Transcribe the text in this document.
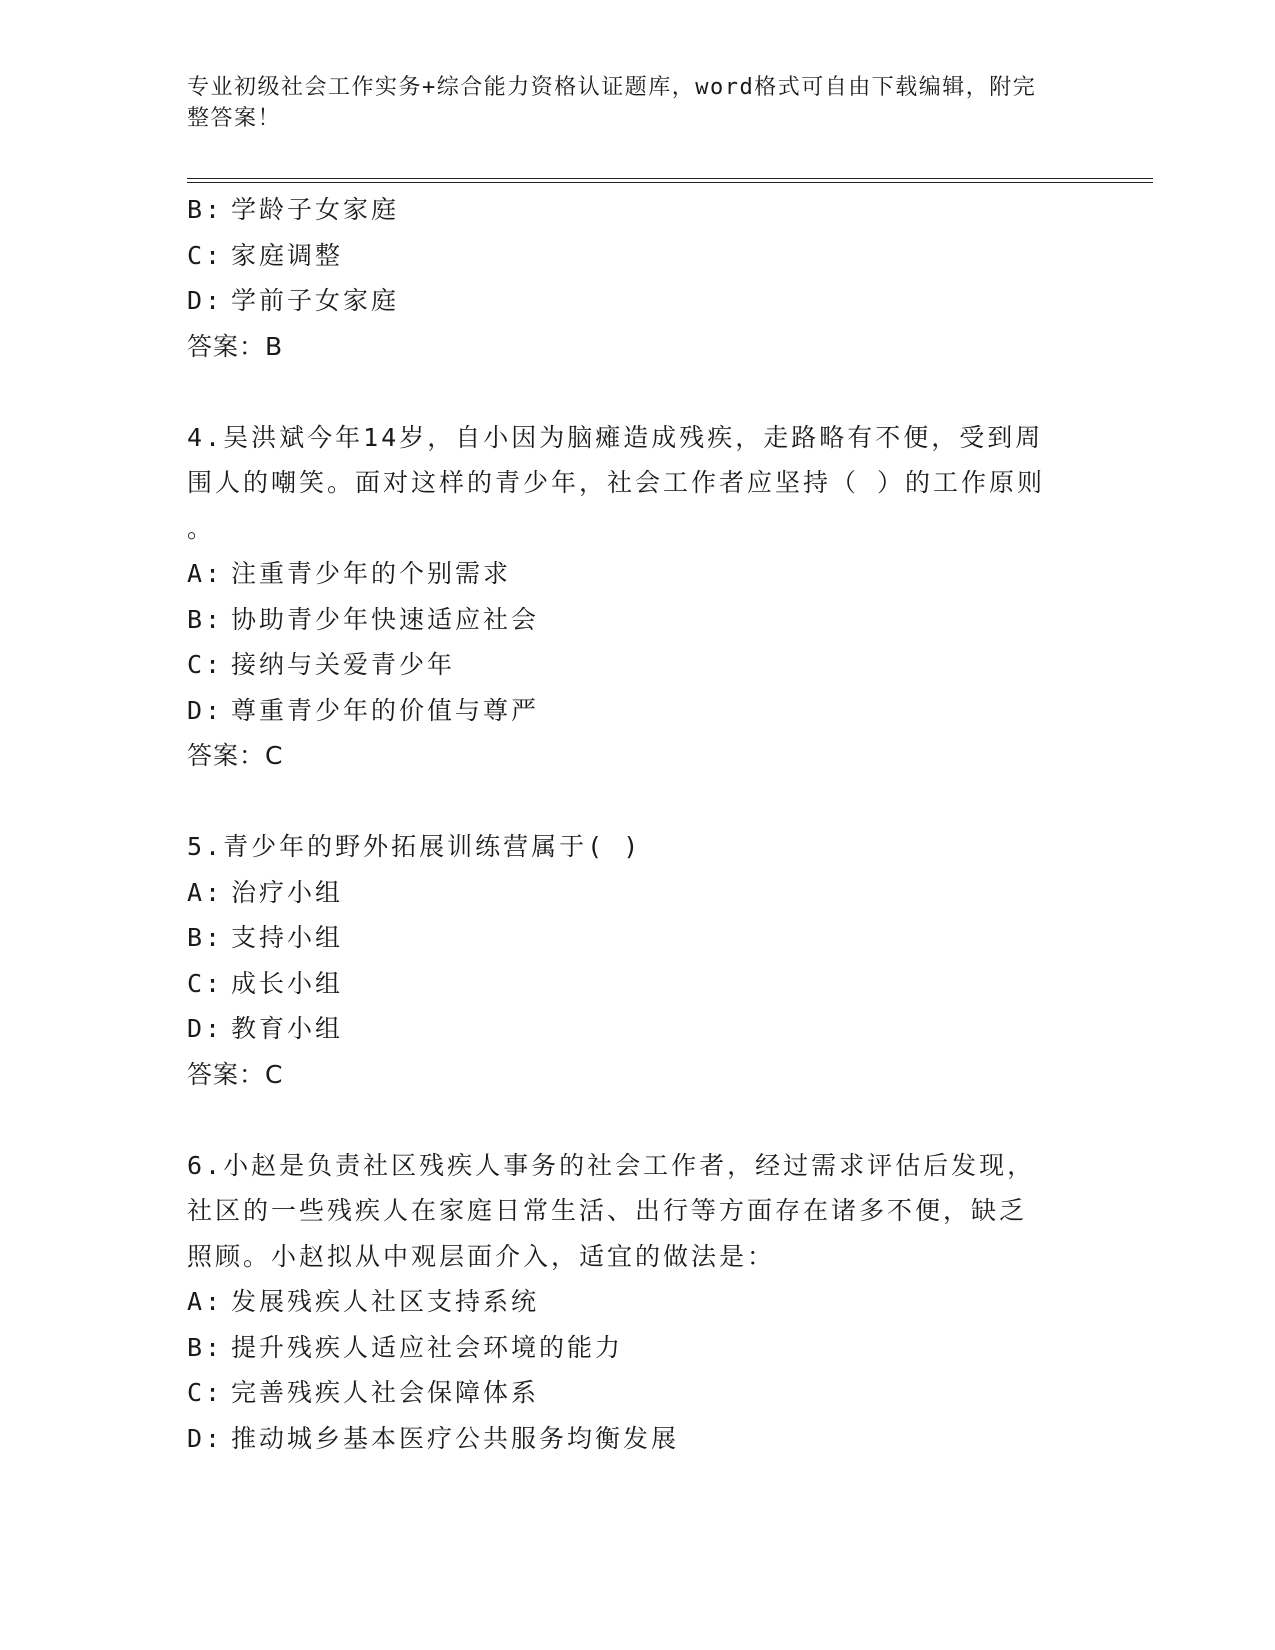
专业初级社会工作实务+综合能力资格认证题库，word格式可自由下载编辑，附完
整答案！
B: 学龄子女家庭
C: 家庭调整
D: 学前子女家庭
答案：B
4.吴洪斌今年14岁，自小因为脑瘫造成残疾，走路略有不便，受到周
围人的嘲笑。面对这样的青少年，社会工作者应坚持（ ）的工作原则
。
A: 注重青少年的个别需求
B: 协助青少年快速适应社会
C: 接纳与关爱青少年
D: 尊重青少年的价值与尊严
答案：C
5.青少年的野外拓展训练营属于( )
A: 治疗小组
B: 支持小组
C: 成长小组
D: 教育小组
答案：C
6.小赵是负责社区残疾人事务的社会工作者，经过需求评估后发现，
社区的一些残疾人在家庭日常生活、出行等方面存在诸多不便，缺乏
照顾。小赵拟从中观层面介入，适宜的做法是：
A: 发展残疾人社区支持系统
B: 提升残疾人适应社会环境的能力
C: 完善残疾人社会保障体系
D: 推动城乡基本医疗公共服务均衡发展
